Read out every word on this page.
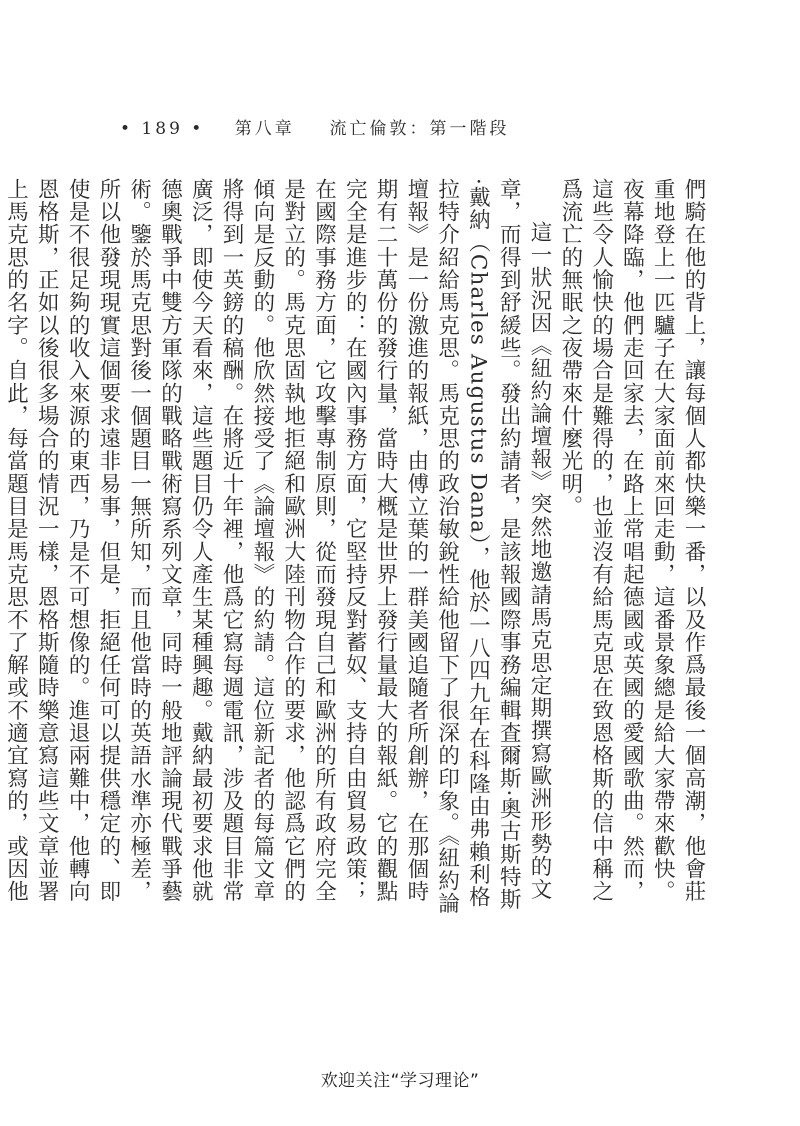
• 189 • 第八章 流亡倫敦：第一階段

們騎在他的背上，讓每個人都快樂一番，以及作爲最後一個高潮，他會莊重地登上一匹驢子在大家面前來回走動，這番景象總是給大家帶來歡快。夜幕降臨，他們走回家去，在路上常唱起德國或英國的愛國歌曲。然而，這些令人愉快的場合是難得的，也並沒有給馬克思在致恩格斯的信中稱之爲流亡的無眠之夜帶來什麼光明。

這一狀況因《紐約論壇報》突然地邀請馬克思定期撰寫歐洲形勢的文章，而得到舒緩些。發出約請者，是該報國際事務編輯査爾斯·奧古斯特斯·戴納（Charles Augustus Dana），他於一八四九年在科隆由弗賴利格拉特介紹給馬克思。馬克思的政治敏銳性給他留下了很深的印象。《紐約論壇報》是一份激進的報紙，由傅立葉的一群美國追隨者所創辦，在那個時期有二十萬份的發行量，當時大概是世界上發行量最大的報紙。它的觀點完全是進步的：在國內事務方面，它堅持反對蓄奴、支持自由貿易政策；在國際事務方面，它攻擊專制原則，從而發現自己和歐洲的所有政府完全是對立的。馬克思固執地拒絕和歐洲大陸刊物合作的要求，他認爲它們的傾向是反動的。他欣然接受了《論壇報》的約請。這位新記者的每篇文章將得到一英鎊的稿酬。在將近十年裡，他爲它寫每週電訊，涉及題目非常廣泛，即使今天看來，這些題目仍令人產生某種興趣。戴納最初要求他就德奧戰爭中雙方軍隊的戰略戰術寫系列文章，同時一般地評論現代戰爭藝術。鑒於馬克思對後一個題目一無所知，而且他當時的英語水準亦極差，所以他發現現實這個要求遠非易事，但是，拒絕任何可以提供穩定的、即使是不很足夠的收入來源的東西，乃是不可想像的。進退兩難中，他轉向恩格斯，正如以後很多場合的情況一樣，恩格斯隨時樂意寫這些文章並署上馬克思的名字。自此，每當題目是馬克思不了解或不適宜寫的，或因他

欢迎关注“学习理论”
